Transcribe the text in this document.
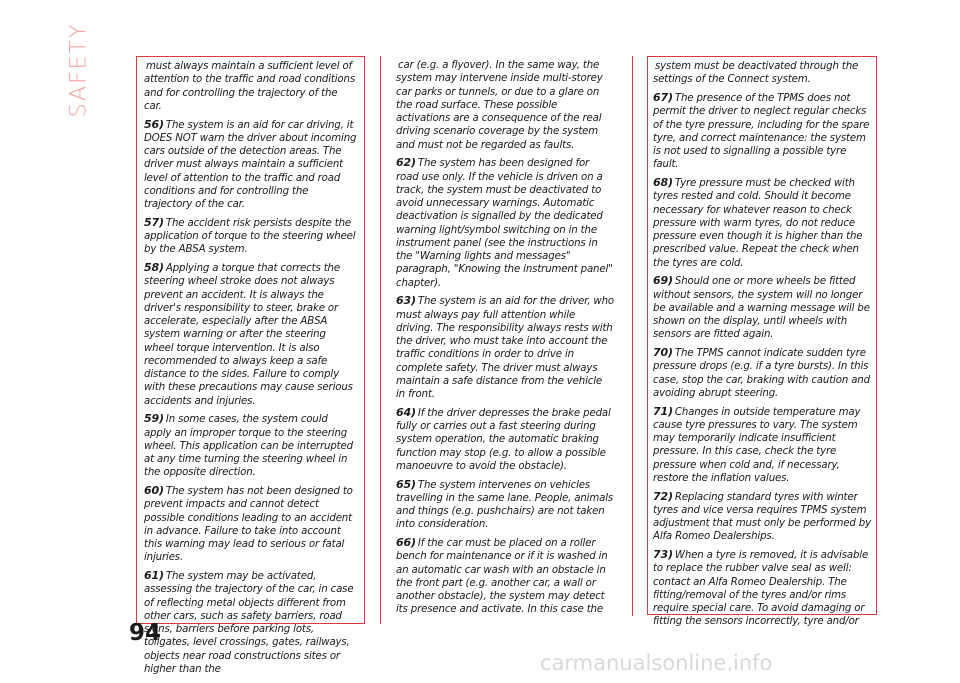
SAFETY	must always maintain a sufficient level of attention to the traffic and road conditions and for controlling the trajectory of the car.

56) The system is an aid for car driving, it DOES NOT warn the driver about incoming cars outside of the detection areas. The driver must always maintain a sufficient level of attention to the traffic and road conditions and for controlling the trajectory of the car.

57) The accident risk persists despite the application of torque to the steering wheel by the ABSA system.

58) Applying a torque that corrects the steering wheel stroke does not always prevent an accident. It is always the driver's responsibility to steer, brake or accelerate, especially after the ABSA system warning or after the steering wheel torque intervention. It is also recommended to always keep a safe distance to the sides. Failure to comply with these precautions may cause serious accidents and injuries.

59) In some cases, the system could apply an improper torque to the steering wheel. This application can be interrupted at any time turning the steering wheel in the opposite direction.

60) The system has not been designed to prevent impacts and cannot detect possible conditions leading to an accident in advance. Failure to take into account this warning may lead to serious or fatal injuries.

61) The system may be activated, assessing the trajectory of the car, in case of reflecting metal objects different from other cars, such as safety barriers, road signs, barriers before parking lots, tollgates, level crossings, gates, railways, objects near road constructions sites or higher than the

car (e.g. a flyover). In the same way, the system may intervene inside multi-storey car parks or tunnels, or due to a glare on the road surface. These possible activations are a consequence of the real driving scenario coverage by the system and must not be regarded as faults.

62) The system has been designed for road use only. If the vehicle is driven on a track, the system must be deactivated to avoid unnecessary warnings. Automatic deactivation is signalled by the dedicated warning light/symbol switching on in the instrument panel (see the instructions in the "Warning lights and messages" paragraph, "Knowing the instrument panel" chapter).

63) The system is an aid for the driver, who must always pay full attention while driving. The responsibility always rests with the driver, who must take into account the traffic conditions in order to drive in complete safety. The driver must always maintain a safe distance from the vehicle in front.

64) If the driver depresses the brake pedal fully or carries out a fast steering during system operation, the automatic braking function may stop (e.g. to allow a possible manoeuvre to avoid the obstacle).

65) The system intervenes on vehicles travelling in the same lane. People, animals and things (e.g. pushchairs) are not taken into consideration.

66) If the car must be placed on a roller bench for maintenance or if it is washed in an automatic car wash with an obstacle in the front part (e.g. another car, a wall or another obstacle), the system may detect its presence and activate. In this case the

system must be deactivated through the settings of the Connect system.

67) The presence of the TPMS does not permit the driver to neglect regular checks of the tyre pressure, including for the spare tyre, and correct maintenance: the system is not used to signalling a possible tyre fault.

68) Tyre pressure must be checked with tyres rested and cold. Should it become necessary for whatever reason to check pressure with warm tyres, do not reduce pressure even though it is higher than the prescribed value. Repeat the check when the tyres are cold.

69) Should one or more wheels be fitted without sensors, the system will no longer be available and a warning message will be shown on the display, until wheels with sensors are fitted again.

70) The TPMS cannot indicate sudden tyre pressure drops (e.g. if a tyre bursts). In this case, stop the car, braking with caution and avoiding abrupt steering.

71) Changes in outside temperature may cause tyre pressures to vary. The system may temporarily indicate insufficient pressure. In this case, check the tyre pressure when cold and, if necessary, restore the inflation values.

72) Replacing standard tyres with winter tyres and vice versa requires TPMS system adjustment that must only be performed by Alfa Romeo Dealerships.

73) When a tyre is removed, it is advisable to replace the rubber valve seal as well: contact an Alfa Romeo Dealership. The fitting/removal of the tyres and/or rims require special care. To avoid damaging or fitting the sensors incorrectly, tyre and/or

94
carmanualsonline.info
